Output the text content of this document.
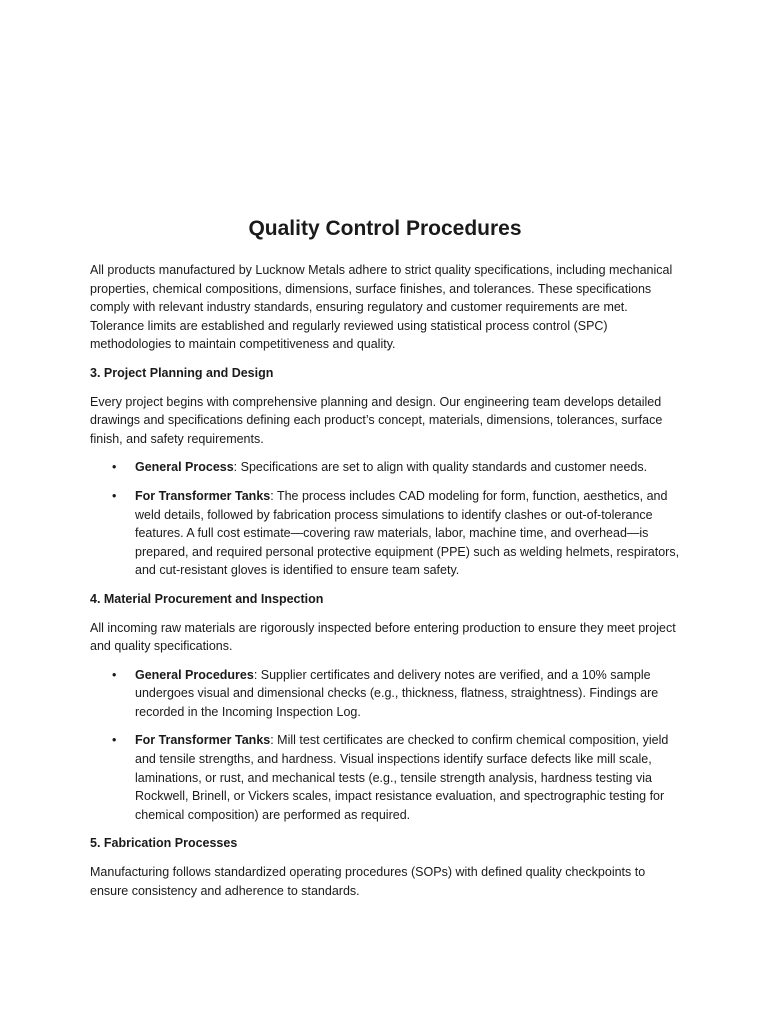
Quality Control Procedures

All products manufactured by Lucknow Metals adhere to strict quality specifications, including mechanical properties, chemical compositions, dimensions, surface finishes, and tolerances. These specifications comply with relevant industry standards, ensuring regulatory and customer requirements are met. Tolerance limits are established and regularly reviewed using statistical process control (SPC) methodologies to maintain competitiveness and quality.

3. Project Planning and Design

Every project begins with comprehensive planning and design. Our engineering team develops detailed drawings and specifications defining each product’s concept, materials, dimensions, tolerances, surface finish, and safety requirements.

• General Process: Specifications are set to align with quality standards and customer needs.
• For Transformer Tanks: The process includes CAD modeling for form, function, aesthetics, and weld details, followed by fabrication process simulations to identify clashes or out-of-tolerance features. A full cost estimate—covering raw materials, labor, machine time, and overhead—is prepared, and required personal protective equipment (PPE) such as welding helmets, respirators, and cut-resistant gloves is identified to ensure team safety.

4. Material Procurement and Inspection

All incoming raw materials are rigorously inspected before entering production to ensure they meet project and quality specifications.

• General Procedures: Supplier certificates and delivery notes are verified, and a 10% sample undergoes visual and dimensional checks (e.g., thickness, flatness, straightness). Findings are recorded in the Incoming Inspection Log.
• For Transformer Tanks: Mill test certificates are checked to confirm chemical composition, yield and tensile strengths, and hardness. Visual inspections identify surface defects like mill scale, laminations, or rust, and mechanical tests (e.g., tensile strength analysis, hardness testing via Rockwell, Brinell, or Vickers scales, impact resistance evaluation, and spectrographic testing for chemical composition) are performed as required.

5. Fabrication Processes

Manufacturing follows standardized operating procedures (SOPs) with defined quality checkpoints to ensure consistency and adherence to standards.
